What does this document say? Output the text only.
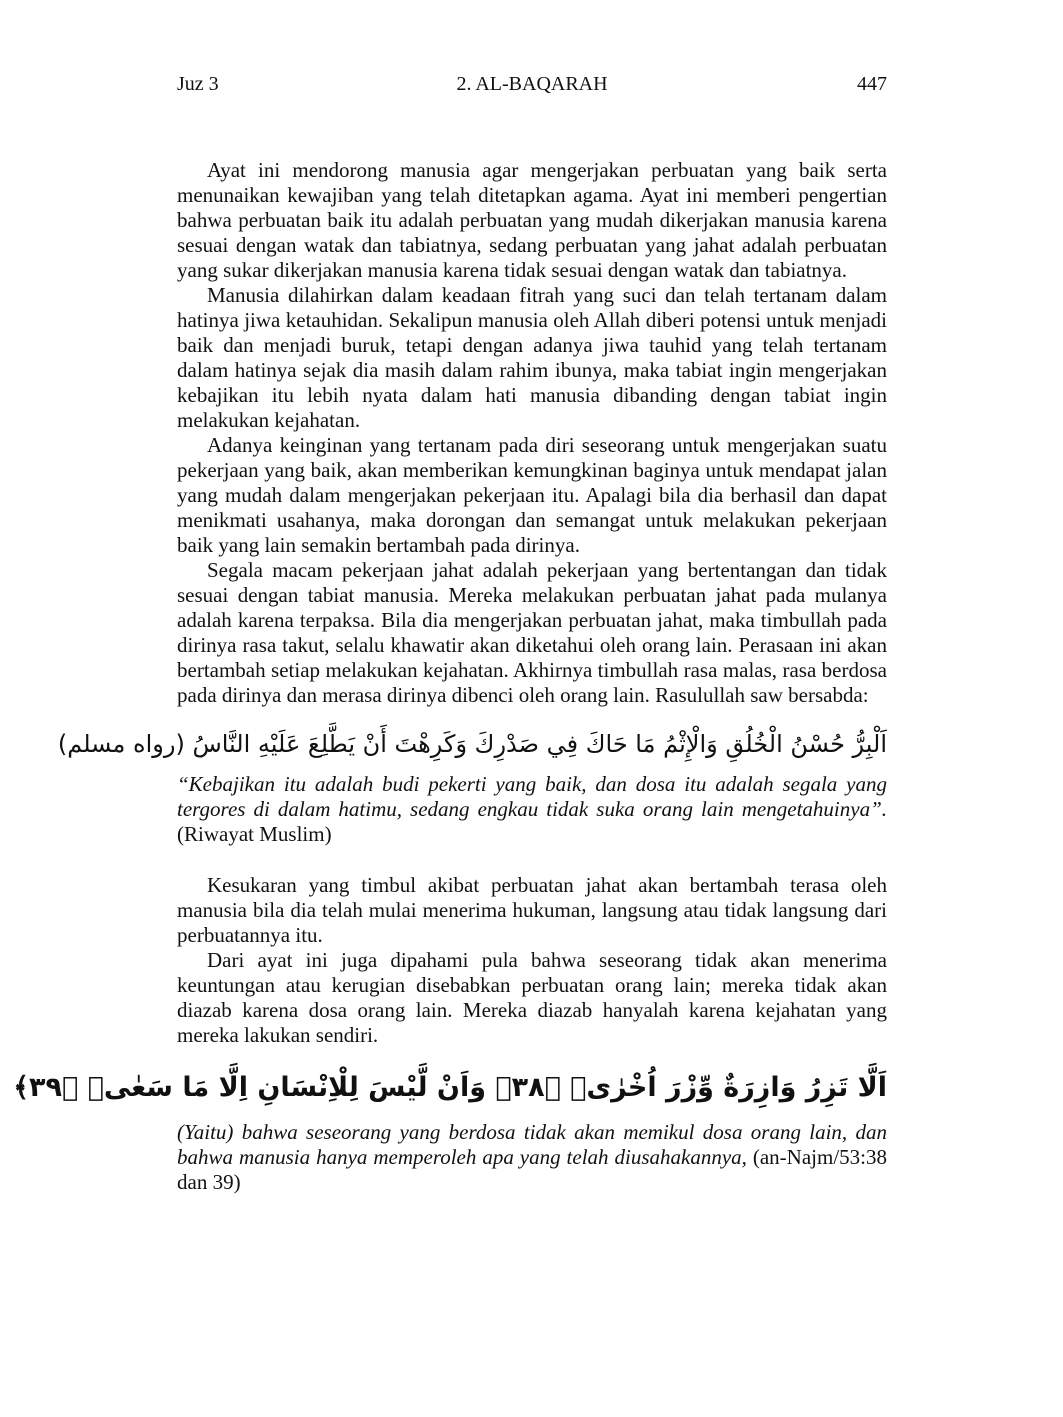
Juz 3	2. AL-BAQARAH	447

Ayat ini mendorong manusia agar mengerjakan perbuatan yang baik serta menunaikan kewajiban yang telah ditetapkan agama. Ayat ini memberi pengertian bahwa perbuatan baik itu adalah perbuatan yang mudah dikerjakan manusia karena sesuai dengan watak dan tabiatnya, sedang perbuatan yang jahat adalah perbuatan yang sukar dikerjakan manusia karena tidak sesuai dengan watak dan tabiatnya.

Manusia dilahirkan dalam keadaan fitrah yang suci dan telah tertanam dalam hatinya jiwa ketauhidan. Sekalipun manusia oleh Allah diberi potensi untuk menjadi baik dan menjadi buruk, tetapi dengan adanya jiwa tauhid yang telah tertanam dalam hatinya sejak dia masih dalam rahim ibunya, maka tabiat ingin mengerjakan kebajikan itu lebih nyata dalam hati manusia dibanding dengan tabiat ingin melakukan kejahatan.

Adanya keinginan yang tertanam pada diri seseorang untuk mengerjakan suatu pekerjaan yang baik, akan memberikan kemungkinan baginya untuk mendapat jalan yang mudah dalam mengerjakan pekerjaan itu. Apalagi bila dia berhasil dan dapat menikmati usahanya, maka dorongan dan semangat untuk melakukan pekerjaan baik yang lain semakin bertambah pada dirinya.

Segala macam pekerjaan jahat adalah pekerjaan yang bertentangan dan tidak sesuai dengan tabiat manusia. Mereka melakukan perbuatan jahat pada mulanya adalah karena terpaksa. Bila dia mengerjakan perbuatan jahat, maka timbullah pada dirinya rasa takut, selalu khawatir akan diketahui oleh orang lain. Perasaan ini akan bertambah setiap melakukan kejahatan. Akhirnya timbullah rasa malas, rasa berdosa pada dirinya dan merasa dirinya dibenci oleh orang lain. Rasulullah saw bersabda:

اَلْبِرُّ حُسْنُ الْخُلُقِ وَالْإِثْمُ مَا حَاكَ فِي صَدْرِكَ وَكَرِهْتَ أَنْ يَطَّلِعَ عَلَيْهِ النَّاسُ (رواه مسلم)

“Kebajikan itu adalah budi pekerti yang baik, dan dosa itu adalah segala yang tergores di dalam hatimu, sedang engkau tidak suka orang lain mengetahuinya”. (Riwayat Muslim)

Kesukaran yang timbul akibat perbuatan jahat akan bertambah terasa oleh manusia bila dia telah mulai menerima hukuman, langsung atau tidak langsung dari perbuatannya itu.

Dari ayat ini juga dipahami pula bahwa seseorang tidak akan menerima keuntungan atau kerugian disebabkan perbuatan orang lain; mereka tidak akan diazab karena dosa orang lain. Mereka diazab hanyalah karena kejahatan yang mereka lakukan sendiri.

اَلَّا تَزِرُ وَازِرَةٌ وِّزْرَ اُخْرٰىۙ ﴿٣٨﴾ وَاَنْ لَّيْسَ لِلْاِنْسَانِ اِلَّا مَا سَعٰىۙ ﴿٣٩﴾

(Yaitu) bahwa seseorang yang berdosa tidak akan memikul dosa orang lain, dan bahwa manusia hanya memperoleh apa yang telah diusahakannya, (an-Najm/53:38 dan 39)
